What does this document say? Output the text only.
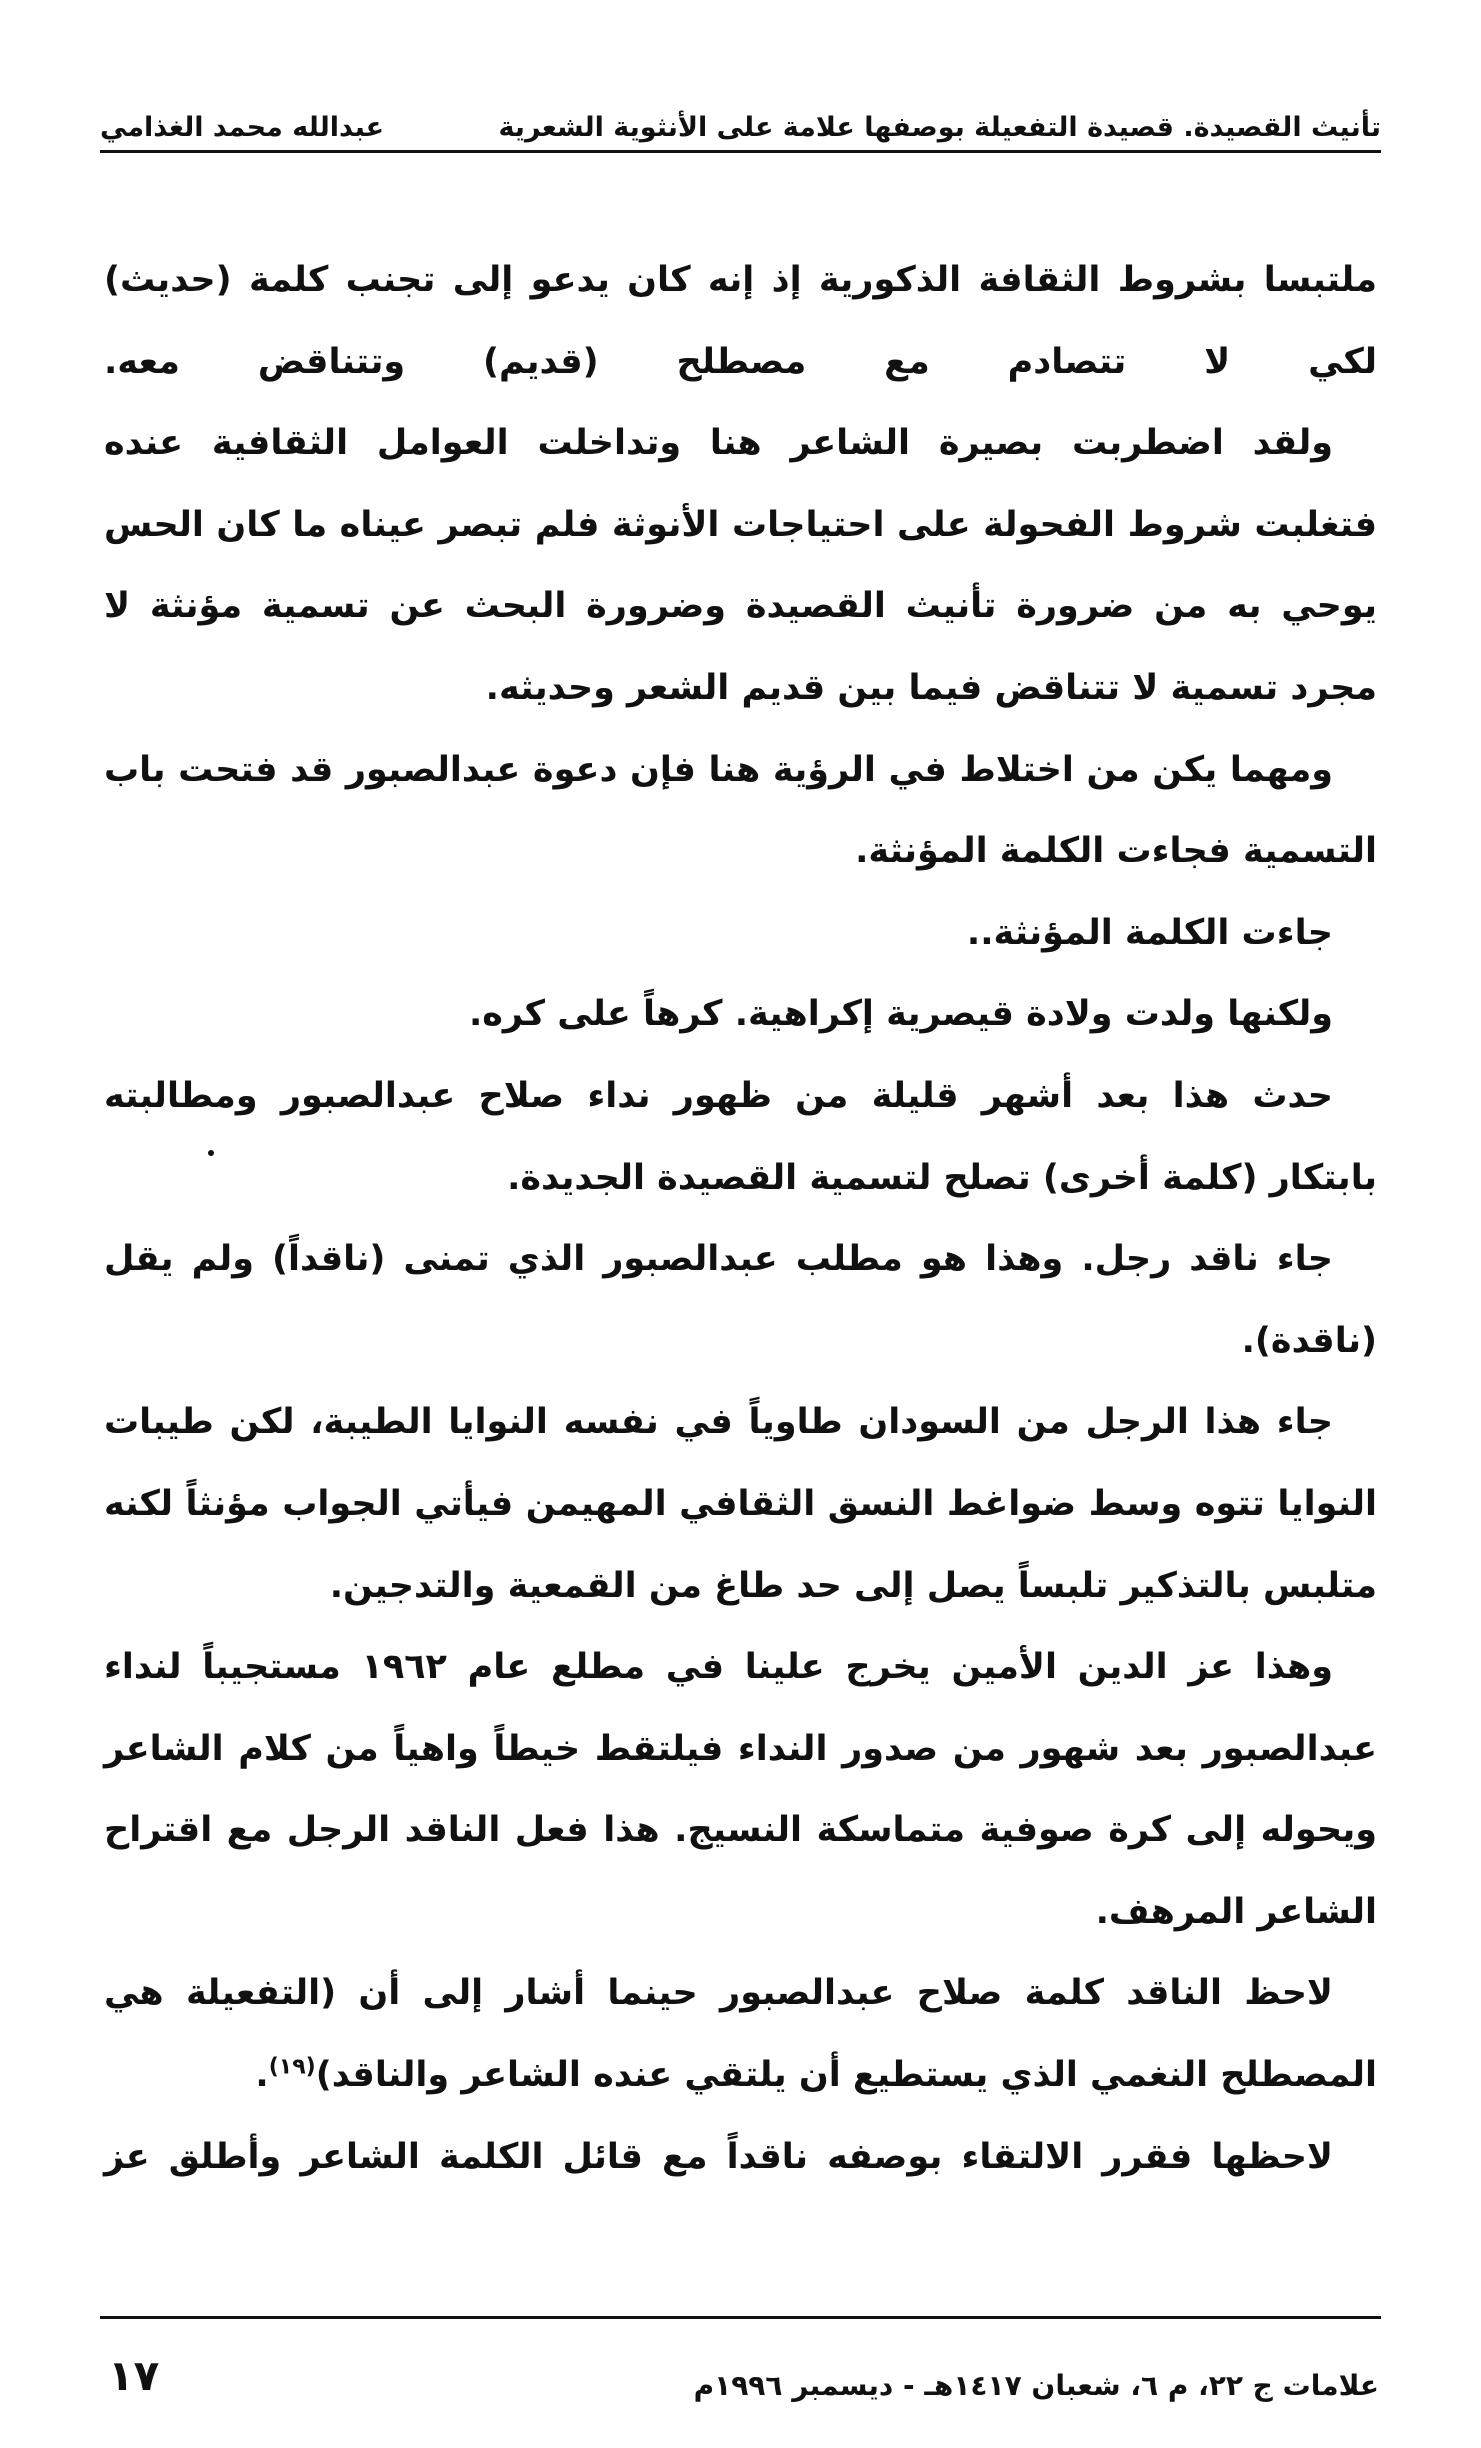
تأنيث القصيدة. قصيدة التفعيلة بوصفها علامة على الأنثوية الشعرية
عبدالله محمد الغذامي

ملتبسا بشروط الثقافة الذكورية إذ إنه كان يدعو إلى تجنب كلمة (حديث) لكي لا تتصادم مع مصطلح (قديم) وتتناقض معه.

ولقد اضطربت بصيرة الشاعر هنا وتداخلت العوامل الثقافية عنده فتغلبت شروط الفحولة على احتياجات الأنوثة فلم تبصر عيناه ما كان الحس يوحي به من ضرورة تأنيث القصيدة وضرورة البحث عن تسمية مؤنثة لا مجرد تسمية لا تتناقض فيما بين قديم الشعر وحديثه.

ومهما يكن من اختلاط في الرؤية هنا فإن دعوة عبدالصبور قد فتحت باب التسمية فجاءت الكلمة المؤنثة.

جاءت الكلمة المؤنثة..

ولكنها ولدت ولادة قيصرية إكراهية. كرهاً على كره.

حدث هذا بعد أشهر قليلة من ظهور نداء صلاح عبدالصبور ومطالبته بابتكار (كلمة أخرى) تصلح لتسمية القصيدة الجديدة.

جاء ناقد رجل. وهذا هو مطلب عبدالصبور الذي تمنى (ناقداً) ولم يقل (ناقدة).

جاء هذا الرجل من السودان طاوياً في نفسه النوايا الطيبة، لكن طيبات النوايا تتوه وسط ضواغط النسق الثقافي المهيمن فيأتي الجواب مؤنثاً لكنه متلبس بالتذكير تلبساً يصل إلى حد طاغ من القمعية والتدجين.

وهذا عز الدين الأمين يخرج علينا في مطلع عام ١٩٦٢ مستجيباً لنداء عبدالصبور بعد شهور من صدور النداء فيلتقط خيطاً واهياً من كلام الشاعر ويحوله إلى كرة صوفية متماسكة النسيج. هذا فعل الناقد الرجل مع اقتراح الشاعر المرهف.

لاحظ الناقد كلمة صلاح عبدالصبور حينما أشار إلى أن (التفعيلة هي المصطلح النغمي الذي يستطيع أن يلتقي عنده الشاعر والناقد)$^{(١٩)}$.

لاحظها فقرر الالتقاء بوصفه ناقداً مع قائل الكلمة الشاعر وأطلق عز

١٧	علامات ج ٢٢، م ٦، شعبان ١٤١٧هـ - ديسمبر ١٩٩٦م
